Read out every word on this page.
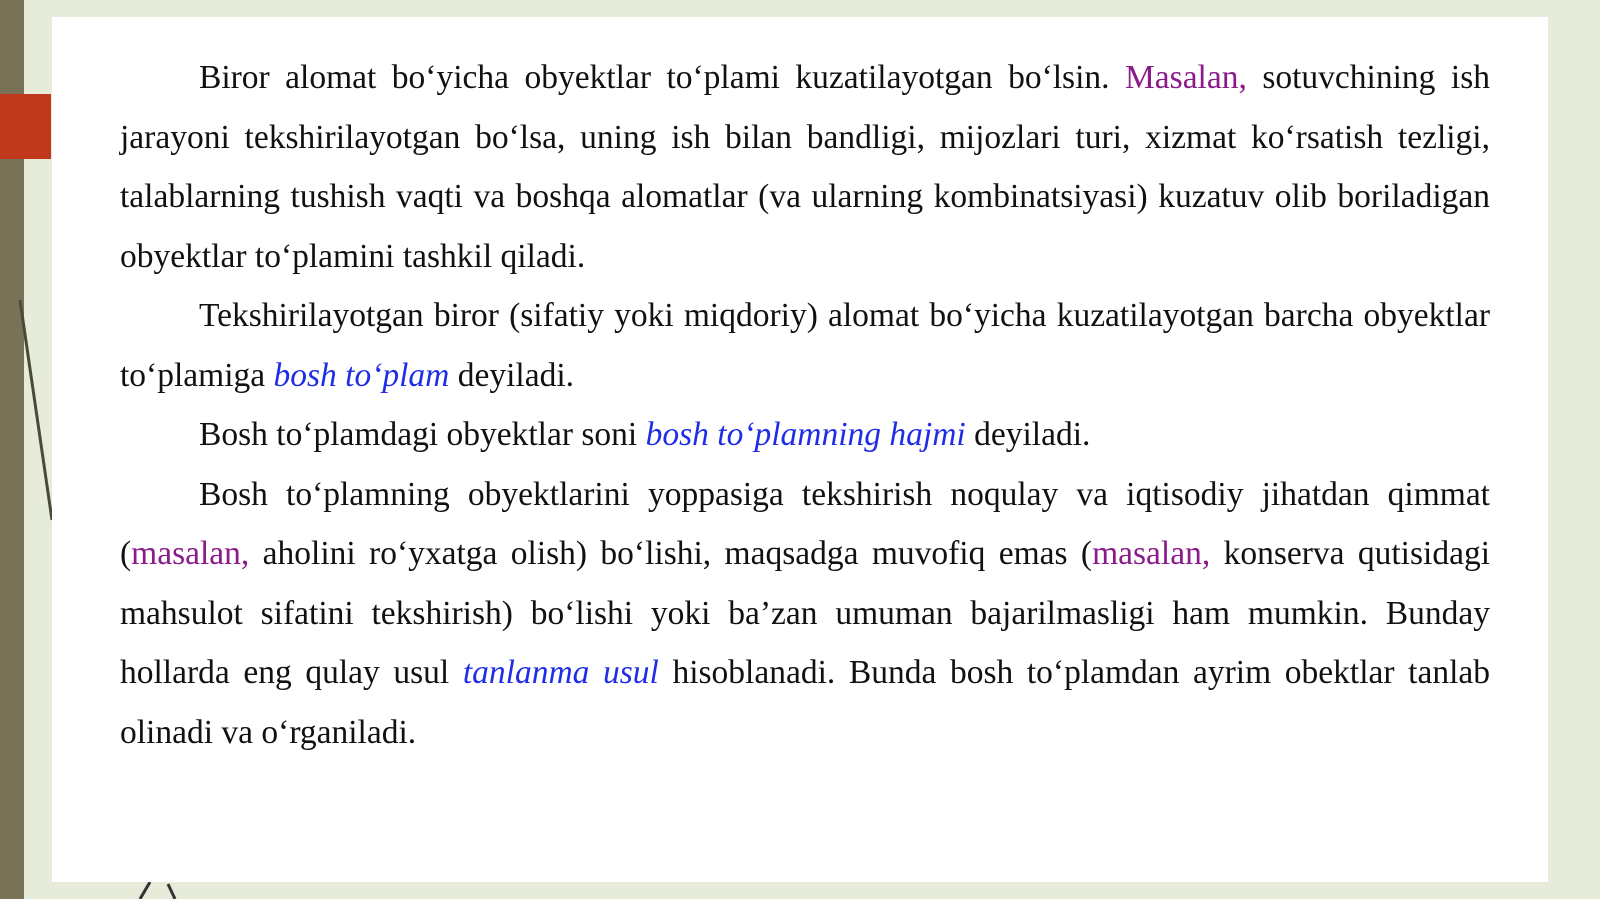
Biror alomat bo‘yicha obyektlar to‘plami kuzatilayotgan bo‘lsin. Masalan, sotuvchining ish jarayoni tekshirilayotgan bo‘lsa, uning ish bilan bandligi, mijozlari turi, xizmat ko‘rsatish tezligi, talablarning tushish vaqti va boshqa alomatlar (va ularning kombinatsiyasi) kuzatuv olib boriladigan obyektlar to‘plamini tashkil qiladi.

Tekshirilayotgan biror (sifatiy yoki miqdoriy) alomat bo‘yicha kuzatilayotgan barcha obyektlar to‘plamiga bosh to‘plam deyiladi.

Bosh to‘plamdagi obyektlar soni bosh to‘plamning hajmi deyiladi.

Bosh to‘plamning obyektlarini yoppasiga tekshirish noqulay va iqtisodiy jihatdan qimmat (masalan, aholini ro‘yxatga olish) bo‘lishi, maqsadga muvofiq emas (masalan, konserva qutisidagi mahsulot sifatini tekshirish) bo‘lishi yoki ba’zan umuman bajarilmasligi ham mumkin. Bunday hollarda eng qulay usul tanlanma usul hisoblanadi. Bunda bosh to‘plamdan ayrim obektlar tanlab olinadi va o‘rganiladi.
